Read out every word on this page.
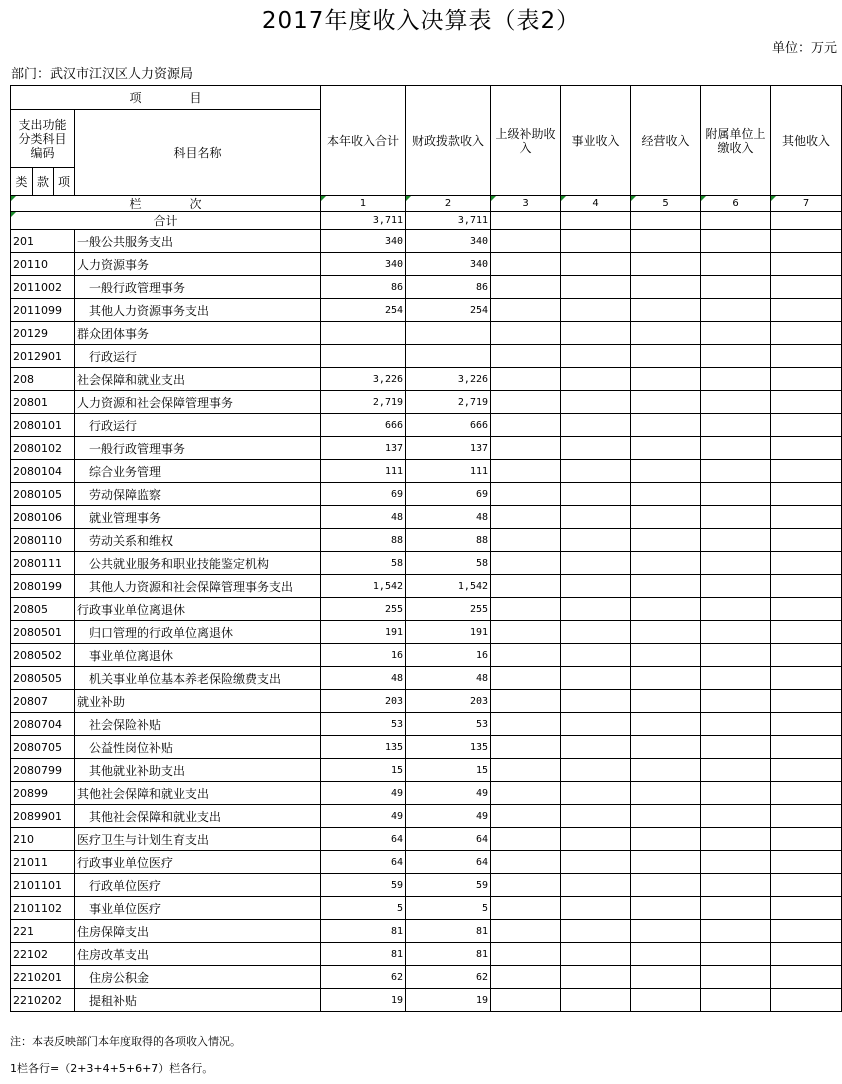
2017年度收入决算表（表2）
单位：万元
部门：武汉市江汉区人力资源局
项　　　　目				本年收入合计	财政拨款收入	上级补助收入	事业收入	经营收入	附属单位上缴收入	其他收入
支出功能分类科目编码			科目名称							
类	款	项								
栏　　　　次				1	2	3	4	5	6	7
合计				3,711	3,711					
201			一般公共服务支出	340	340					
20110			人力资源事务	340	340					
2011002			一般行政管理事务	86	86					
2011099			其他人力资源事务支出	254	254					
20129			群众团体事务							
2012901			行政运行							
208			社会保障和就业支出	3,226	3,226					
20801			人力资源和社会保障管理事务	2,719	2,719					
2080101			行政运行	666	666					
2080102			一般行政管理事务	137	137					
2080104			综合业务管理	111	111					
2080105			劳动保障监察	69	69					
2080106			就业管理事务	48	48					
2080110			劳动关系和维权	88	88					
2080111			公共就业服务和职业技能鉴定机构	58	58					
2080199			其他人力资源和社会保障管理事务支出	1,542	1,542					
20805			行政事业单位离退休	255	255					
2080501			归口管理的行政单位离退休	191	191					
2080502			事业单位离退休	16	16					
2080505			机关事业单位基本养老保险缴费支出	48	48					
20807			就业补助	203	203					
2080704			社会保险补贴	53	53					
2080705			公益性岗位补贴	135	135					
2080799			其他就业补助支出	15	15					
20899			其他社会保障和就业支出	49	49					
2089901			其他社会保障和就业支出	49	49					
210			医疗卫生与计划生育支出	64	64					
21011			行政事业单位医疗	64	64					
2101101			行政单位医疗	59	59					
2101102			事业单位医疗	5	5					
221			住房保障支出	81	81					
22102			住房改革支出	81	81					
2210201			住房公积金	62	62					
2210202			提租补贴	19	19					
注：本表反映部门本年度取得的各项收入情况。
1栏各行=（2+3+4+5+6+7）栏各行。
